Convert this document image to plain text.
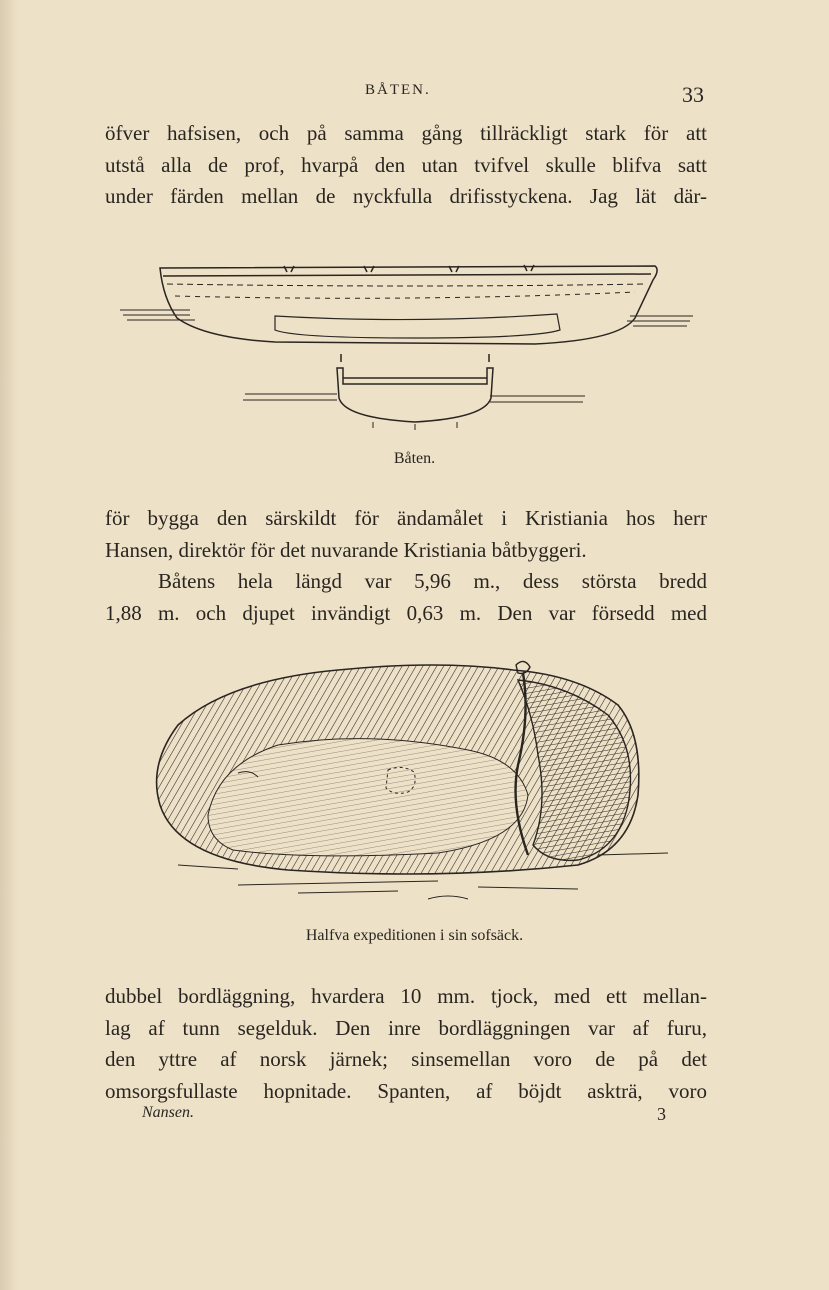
BÅTEN.	33
öfver hafsisen, och på samma gång tillräckligt stark för att
utstå alla de prof, hvarpå den utan tvifvel skulle blifva satt
under färden mellan de nyckfulla drifisstyckena. Jag lät där-
Båten.
för bygga den särskildt för ändamålet i Kristiania hos herr
Hansen, direktör för det nuvarande Kristiania båtbyggeri.
Båtens hela längd var 5,96 m., dess största bredd
1,88 m. och djupet invändigt 0,63 m. Den var försedd med
Halfva expeditionen i sin sofsäck.
dubbel bordläggning, hvardera 10 mm. tjock, med ett mellan-
lag af tunn segelduk. Den inre bordläggningen var af furu,
den yttre af norsk järnek; sinsemellan voro de på det
omsorgsfullaste hopnitade. Spanten, af böjdt askträ, voro
Nansen.	3
